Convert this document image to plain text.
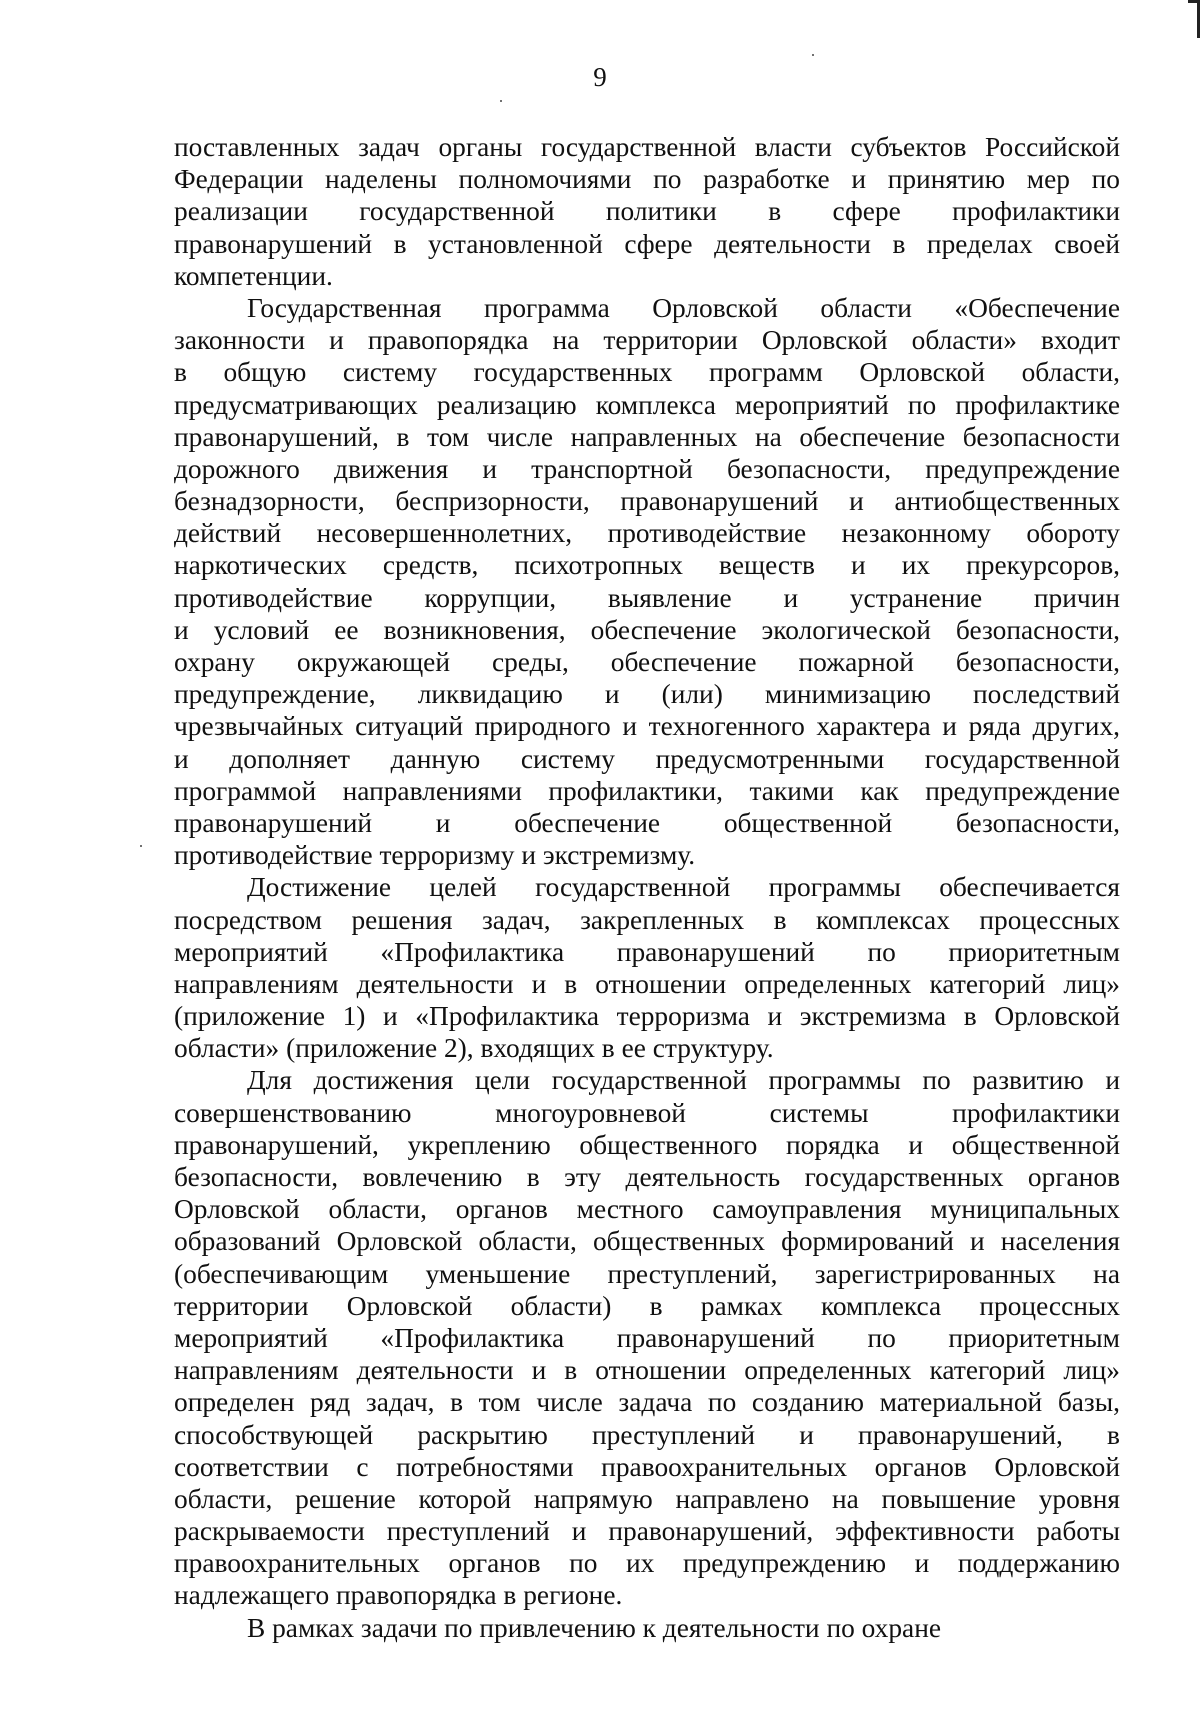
9
поставленных задач органы государственной власти субъектов Российской
Федерации наделены полномочиями по разработке и принятию мер по
реализации государственной политики в сфере профилактики
правонарушений в установленной сфере деятельности в пределах своей
компетенции.
Государственная программа Орловской области «Обеспечение
законности и правопорядка на территории Орловской области» входит
в общую систему государственных программ Орловской области,
предусматривающих реализацию комплекса мероприятий по профилактике
правонарушений, в том числе направленных на обеспечение безопасности
дорожного движения и транспортной безопасности, предупреждение
безнадзорности, беспризорности, правонарушений и антиобщественных
действий несовершеннолетних, противодействие незаконному обороту
наркотических средств, психотропных веществ и их прекурсоров,
противодействие коррупции, выявление и устранение причин
и условий ее возникновения, обеспечение экологической безопасности,
охрану окружающей среды, обеспечение пожарной безопасности,
предупреждение, ликвидацию и (или) минимизацию последствий
чрезвычайных ситуаций природного и техногенного характера и ряда других,
и дополняет данную систему предусмотренными государственной
программой направлениями профилактики, такими как предупреждение
правонарушений и обеспечение общественной безопасности,
противодействие терроризму и экстремизму.
Достижение целей государственной программы обеспечивается
посредством решения задач, закрепленных в комплексах процессных
мероприятий «Профилактика правонарушений по приоритетным
направлениям деятельности и в отношении определенных категорий лиц»
(приложение 1) и «Профилактика терроризма и экстремизма в Орловской
области» (приложение 2), входящих в ее структуру.
Для достижения цели государственной программы по развитию и
совершенствованию многоуровневой системы профилактики
правонарушений, укреплению общественного порядка и общественной
безопасности, вовлечению в эту деятельность государственных органов
Орловской области, органов местного самоуправления муниципальных
образований Орловской области, общественных формирований и населения
(обеспечивающим уменьшение преступлений, зарегистрированных на
территории Орловской области) в рамках комплекса процессных
мероприятий «Профилактика правонарушений по приоритетным
направлениям деятельности и в отношении определенных категорий лиц»
определен ряд задач, в том числе задача по созданию материальной базы,
способствующей раскрытию преступлений и правонарушений, в
соответствии с потребностями правоохранительных органов Орловской
области, решение которой напрямую направлено на повышение уровня
раскрываемости преступлений и правонарушений, эффективности работы
правоохранительных органов по их предупреждению и поддержанию
надлежащего правопорядка в регионе.
В рамках задачи по привлечению к деятельности по охране
